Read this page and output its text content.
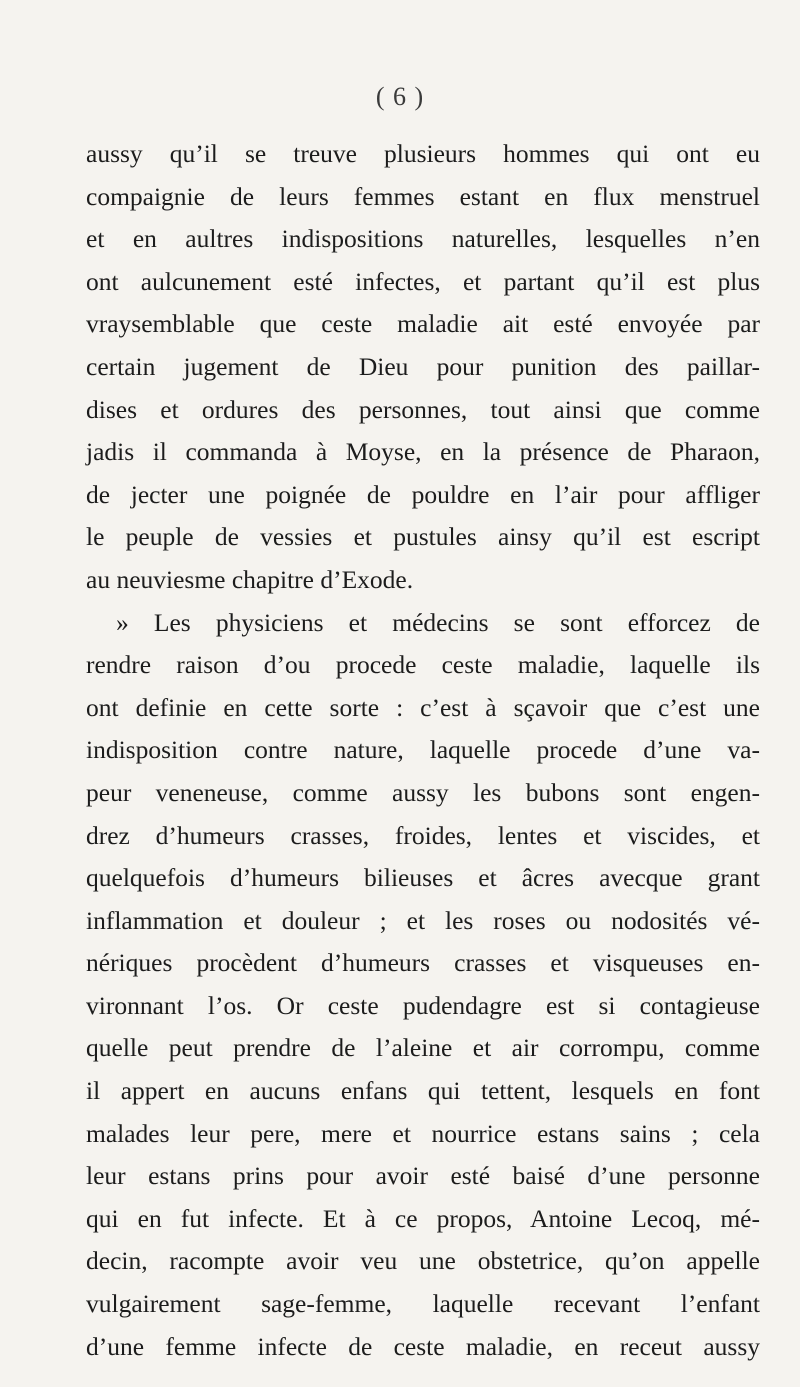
( 6 )
aussy qu’il se treuve plusieurs hommes qui ont eu
compaignie de leurs femmes estant en flux menstruel
et en aultres indispositions naturelles, lesquelles n’en
ont aulcunement esté infectes, et partant qu’il est plus
vraysemblable que ceste maladie ait esté envoyée par
certain jugement de Dieu pour punition des paillar-
dises et ordures des personnes, tout ainsi que comme
jadis il commanda à Moyse, en la présence de Pharaon,
de jecter une poignée de pouldre en l’air pour affliger
le peuple de vessies et pustules ainsy qu’il est escript
au neuviesme chapitre d’Exode.
» Les physiciens et médecins se sont efforcez de
rendre raison d’ou procede ceste maladie, laquelle ils
ont definie en cette sorte : c’est à sçavoir que c’est une
indisposition contre nature, laquelle procede d’une va-
peur veneneuse, comme aussy les bubons sont engen-
drez d’humeurs crasses, froides, lentes et viscides, et
quelquefois d’humeurs bilieuses et âcres avecque grant
inflammation et douleur ; et les roses ou nodosités vé-
nériques procèdent d’humeurs crasses et visqueuses en-
vironnant l’os. Or ceste pudendagre est si contagieuse
quelle peut prendre de l’aleine et air corrompu, comme
il appert en aucuns enfans qui tettent, lesquels en font
malades leur pere, mere et nourrice estans sains ; cela
leur estans prins pour avoir esté baisé d’une personne
qui en fut infecte. Et à ce propos, Antoine Lecoq, mé-
decin, racompte avoir veu une obstetrice, qu’on appelle
vulgairement sage-femme, laquelle recevant l’enfant
d’une femme infecte de ceste maladie, en receut aussy
